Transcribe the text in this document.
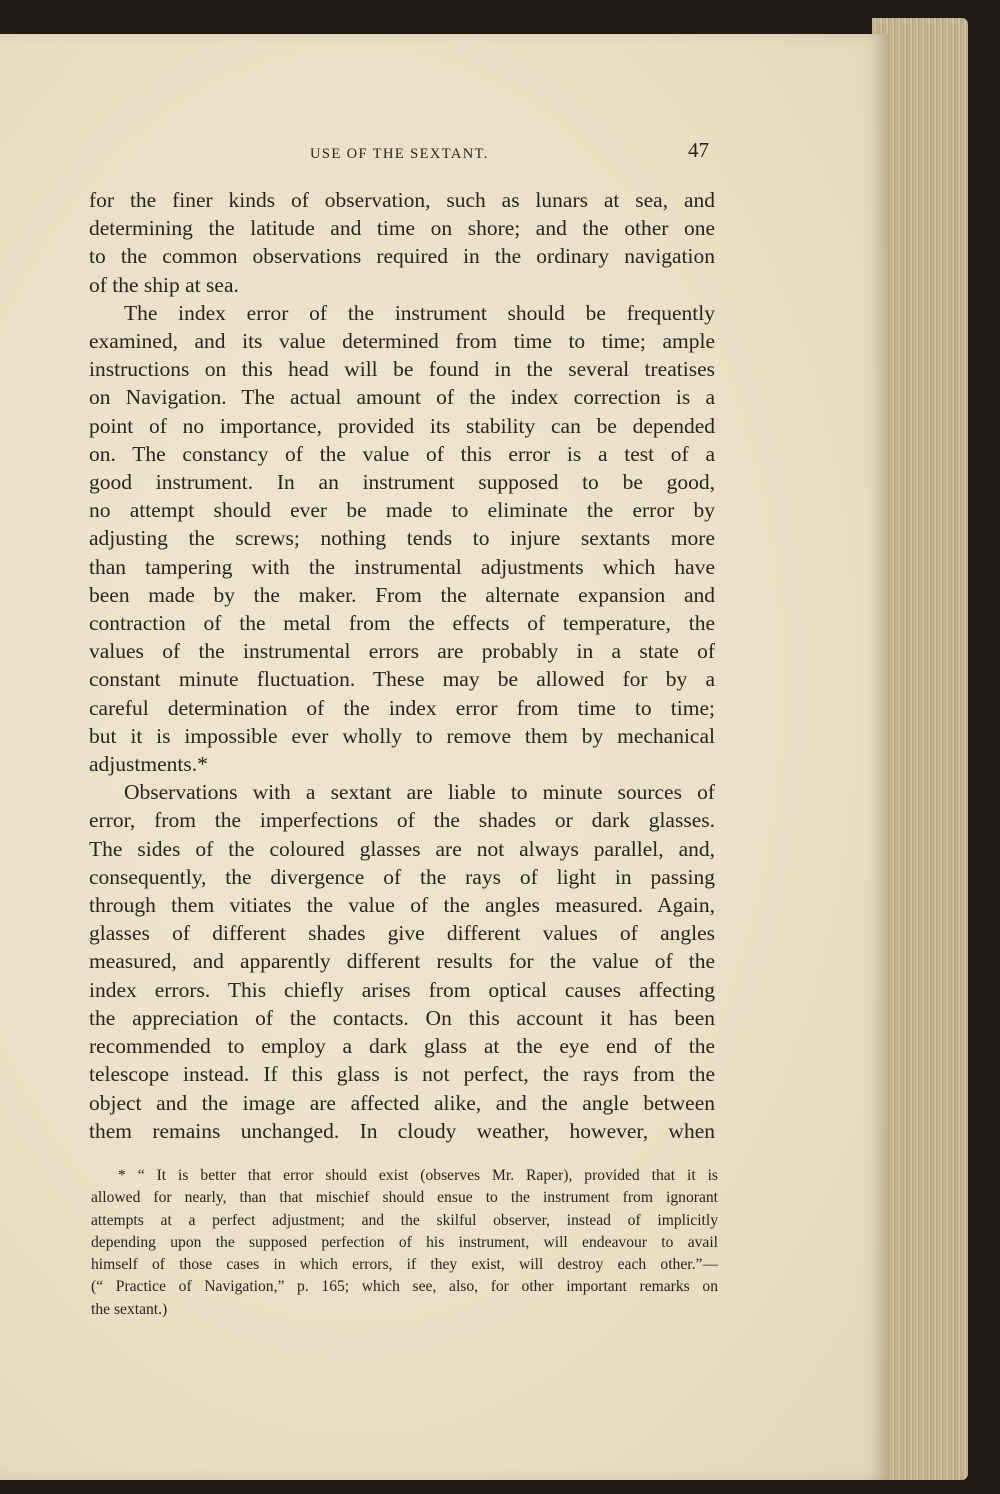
USE OF THE SEXTANT.	47
for the finer kinds of observation, such as lunars at sea, and
determining the latitude and time on shore; and the other one
to the common observations required in the ordinary navigation
of the ship at sea.
The index error of the instrument should be frequently
examined, and its value determined from time to time; ample
instructions on this head will be found in the several treatises
on Navigation. The actual amount of the index correction is a
point of no importance, provided its stability can be depended
on. The constancy of the value of this error is a test of a
good instrument. In an instrument supposed to be good,
no attempt should ever be made to eliminate the error by
adjusting the screws; nothing tends to injure sextants more
than tampering with the instrumental adjustments which have
been made by the maker. From the alternate expansion and
contraction of the metal from the effects of temperature, the
values of the instrumental errors are probably in a state of
constant minute fluctuation. These may be allowed for by a
careful determination of the index error from time to time;
but it is impossible ever wholly to remove them by mechanical
adjustments.*
Observations with a sextant are liable to minute sources of
error, from the imperfections of the shades or dark glasses.
The sides of the coloured glasses are not always parallel, and,
consequently, the divergence of the rays of light in passing
through them vitiates the value of the angles measured. Again,
glasses of different shades give different values of angles
measured, and apparently different results for the value of the
index errors. This chiefly arises from optical causes affecting
the appreciation of the contacts. On this account it has been
recommended to employ a dark glass at the eye end of the
telescope instead. If this glass is not perfect, the rays from the
object and the image are affected alike, and the angle between
them remains unchanged. In cloudy weather, however, when
* “ It is better that error should exist (observes Mr. Raper), provided that it is
allowed for nearly, than that mischief should ensue to the instrument from ignorant
attempts at a perfect adjustment; and the skilful observer, instead of implicitly
depending upon the supposed perfection of his instrument, will endeavour to avail
himself of those cases in which errors, if they exist, will destroy each other.”—
(“ Practice of Navigation,” p. 165; which see, also, for other important remarks on
the sextant.)
